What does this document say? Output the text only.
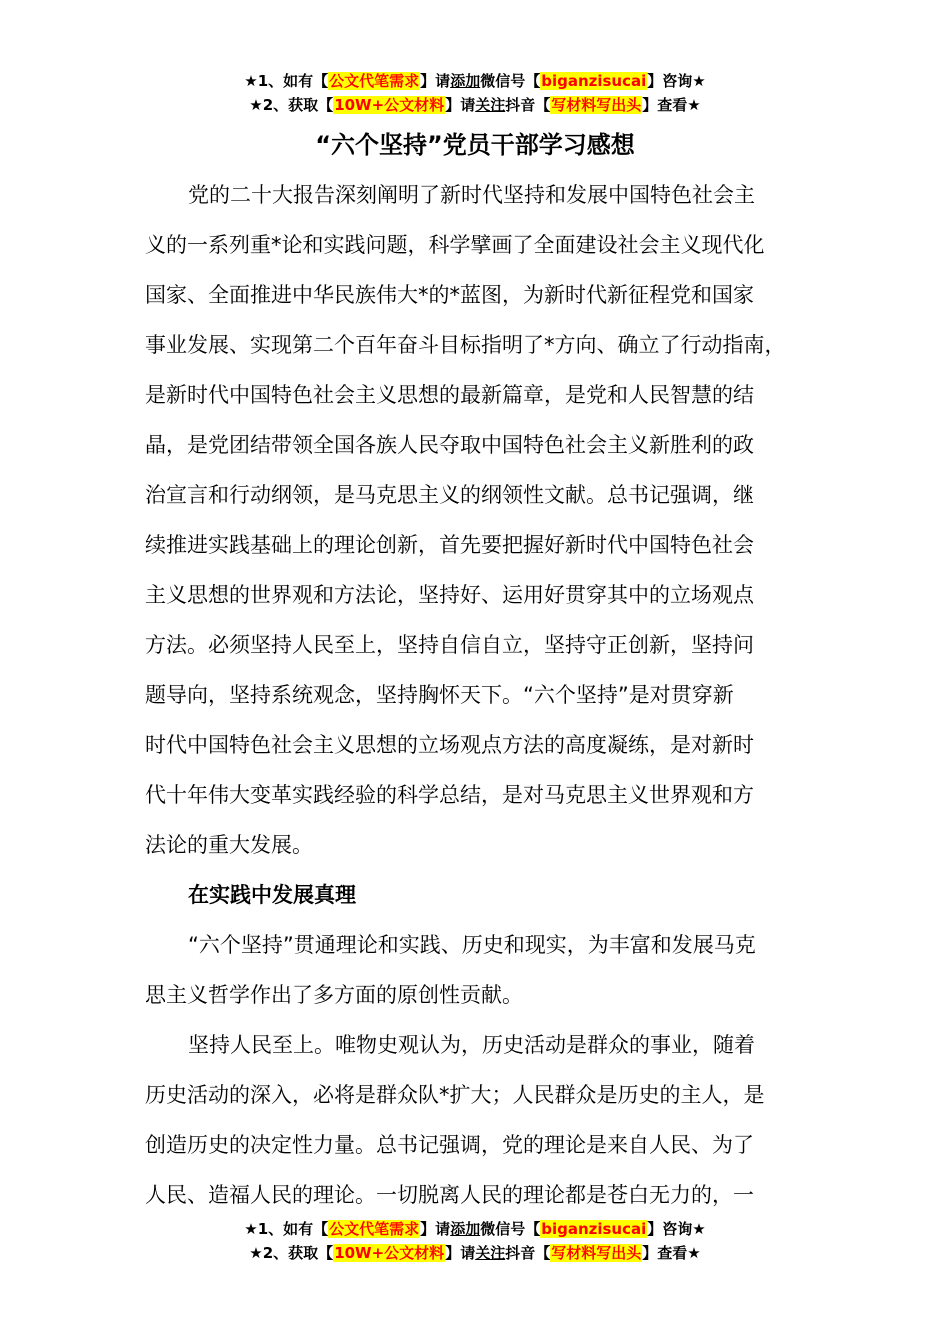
★1、如有【公文代笔需求】请添加微信号【biganzisucai】咨询★
★2、获取【10W+公文材料】请关注抖音【写材料写出头】查看★
“六个坚持”党员干部学习感想
党的二十大报告深刻阐明了新时代坚持和发展中国特色社会主
义的一系列重*论和实践问题，科学擘画了全面建设社会主义现代化
国家、全面推进中华民族伟大*的*蓝图，为新时代新征程党和国家
事业发展、实现第二个百年奋斗目标指明了*方向、确立了行动指南，
是新时代中国特色社会主义思想的最新篇章，是党和人民智慧的结
晶，是党团结带领全国各族人民夺取中国特色社会主义新胜利的政
治宣言和行动纲领，是马克思主义的纲领性文献。总书记强调，继
续推进实践基础上的理论创新，首先要把握好新时代中国特色社会
主义思想的世界观和方法论，坚持好、运用好贯穿其中的立场观点
方法。必须坚持人民至上，坚持自信自立，坚持守正创新，坚持问
题导向，坚持系统观念，坚持胸怀天下。“六个坚持”是对贯穿新
时代中国特色社会主义思想的立场观点方法的高度凝练，是对新时
代十年伟大变革实践经验的科学总结，是对马克思主义世界观和方
法论的重大发展。
在实践中发展真理
“六个坚持”贯通理论和实践、历史和现实，为丰富和发展马克
思主义哲学作出了多方面的原创性贡献。
坚持人民至上。唯物史观认为，历史活动是群众的事业，随着
历史活动的深入，必将是群众队*扩大；人民群众是历史的主人，是
创造历史的决定性力量。总书记强调，党的理论是来自人民、为了
人民、造福人民的理论。一切脱离人民的理论都是苍白无力的，一
★1、如有【公文代笔需求】请添加微信号【biganzisucai】咨询★
★2、获取【10W+公文材料】请关注抖音【写材料写出头】查看★
